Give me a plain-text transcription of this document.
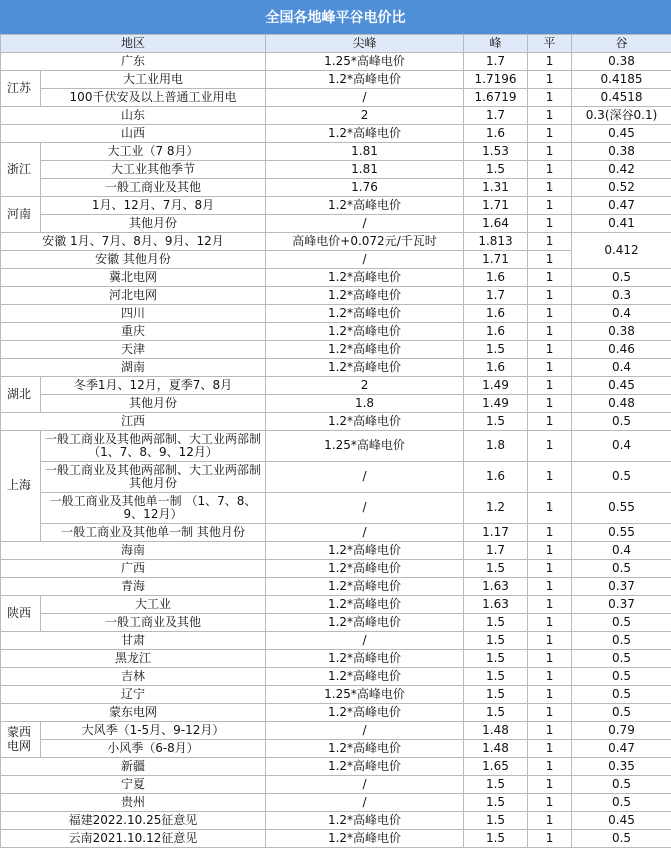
全国各地峰平谷电价比
地区		尖峰	峰	平	谷
广东		1.25*高峰电价	1.7	1	0.38
江苏	大工业用电	1.2*高峰电价	1.7196	1	0.4185
	100千伏安及以上普通工业用电	/	1.6719	1	0.4518
山东		2	1.7	1	0.3(深谷0.1)
山西		1.2*高峰电价	1.6	1	0.45
浙江	大工业（7 8月）	1.81	1.53	1	0.38
	大工业其他季节	1.81	1.5	1	0.42
	一般工商业及其他	1.76	1.31	1	0.52
河南	1月、12月、7月、8月	1.2*高峰电价	1.71	1	0.47
	其他月份	/	1.64	1	0.41
安徽 1月、7月、8月、9月、12月		高峰电价+0.072元/千瓦时	1.813	1	0.412
安徽 其他月份		/	1.71	1	
冀北电网		1.2*高峰电价	1.6	1	0.5
河北电网		1.2*高峰电价	1.7	1	0.3
四川		1.2*高峰电价	1.6	1	0.4
重庆		1.2*高峰电价	1.6	1	0.38
天津		1.2*高峰电价	1.5	1	0.46
湖南		1.2*高峰电价	1.6	1	0.4
湖北	冬季1月、12月，夏季7、8月	2	1.49	1	0.45
	其他月份	1.8	1.49	1	0.48
江西		1.2*高峰电价	1.5	1	0.5
上海	一般工商业及其他两部制、大工业两部制 （1、7、8、9、12月）	1.25*高峰电价	1.8	1	0.4
	一般工商业及其他两部制、大工业两部制 其他月份	/	1.6	1	0.5
	一般工商业及其他单一制 （1、7、8、9、12月）	/	1.2	1	0.55
	一般工商业及其他单一制 其他月份	/	1.17	1	0.55
海南		1.2*高峰电价	1.7	1	0.4
广西		1.2*高峰电价	1.5	1	0.5
青海		1.2*高峰电价	1.63	1	0.37
陕西	大工业	1.2*高峰电价	1.63	1	0.37
	一般工商业及其他	1.2*高峰电价	1.5	1	0.5
甘肃		/	1.5	1	0.5
黑龙江		1.2*高峰电价	1.5	1	0.5
吉林		1.2*高峰电价	1.5	1	0.5
辽宁		1.25*高峰电价	1.5	1	0.5
蒙东电网		1.2*高峰电价	1.5	1	0.5
蒙西电网	大风季（1-5月、9-12月）	/	1.48	1	0.79
	小风季（6-8月）	1.2*高峰电价	1.48	1	0.47
新疆		1.2*高峰电价	1.65	1	0.35
宁夏		/	1.5	1	0.5
贵州		/	1.5	1	0.5
福建2022.10.25征意见		1.2*高峰电价	1.5	1	0.45
云南2021.10.12征意见		1.2*高峰电价	1.5	1	0.5
